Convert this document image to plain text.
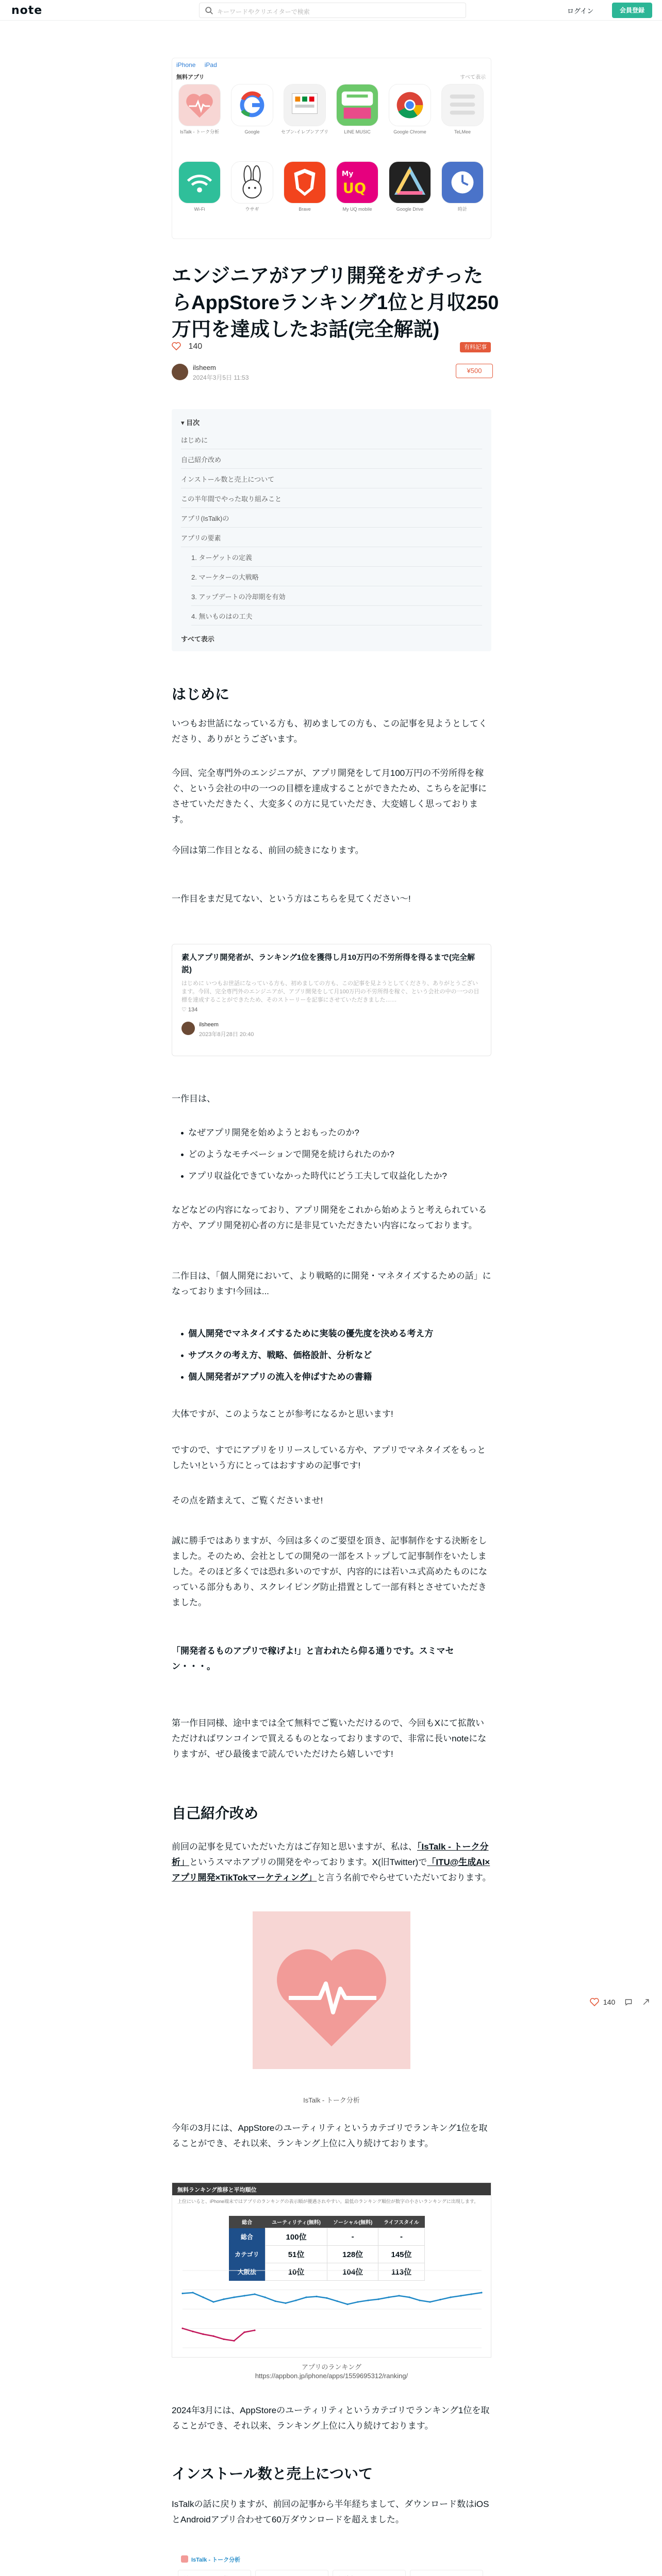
note	キーワードやクリエイターで検索	ログイン	会員登録
iPhone iPad
無料アプリ	すべて表示
IsTalk - トーク分析	Google	セブン-イレブンアプリ	LINE MUSIC	Google Chrome	TeLMee
Wi-Fi	ウサギ	Brave
My
UQ
My UQ mobile	Google Drive	時計
エンジニアがアプリ開発をガチったらAppStoreランキング1位と月収250万円を達成したお話(完全解説)
140	有料記事
ilsheem
2024年3月5日 11:53
¥500
▾ 目次
はじめに
自己紹介改め
インストール数と売上について
この半年間でやった取り組みこと
アプリ(IsTalk)の
アプリの要素
1. ターゲットの定義
2. マーケターの大戦略
3. アップデートの冷却期を有効
4. 無いものはの工夫
すべて表示
はじめに
いつもお世話になっている方も、初めましての方も、この記事を見ようとしてくださり、ありがとうございます。
今回、完全専門外のエンジニアが、アプリ開発をして月100万円の不労所得を稼ぐ、という会社の中の一つの目標を達成することができたため、こちらを記事にさせていただきたく、大変多くの方に見ていただき、大変嬉しく思っております。
今回は第二作目となる、前回の続きになります。
一作目をまだ見てない、という方はこちらを見てください〜!
素人アプリ開発者が、ランキング1位を獲得し月10万円の不労所得を得るまで(完全解説)
はじめに いつもお世話になっている方も、初めましての方も、この記事を見ようとしてくださり、ありがとうございます。今回、完全専門外のエンジニアが、アプリ開発をして月100万円の不労所得を稼ぐ、という会社の中の一つの目標を達成することができたため、そのストーリーを記事にさせていただきました……
♡ 134
ilsheem
2023年8月28日 20:40
一作目は、
なぜアプリ開発を始めようとおもったのか?
どのようなモチベーションで開発を続けられたのか?
アプリ収益化できていなかった時代にどう工夫して収益化したか?
などなどの内容になっており、アプリ開発をこれから始めようと考えられている方や、アプリ開発初心者の方に是非見ていただきたい内容になっております。
二作目は、「個人開発において、より戦略的に開発・マネタイズするための話」になっております!今回は...
個人開発でマネタイズするために実装の優先度を決める考え方
サブスクの考え方、戦略、価格設計、分析など
個人開発者がアプリの流入を伸ばすための書籍
大体ですが、このようなことが参考になるかと思います!
ですので、すでにアプリをリリースしている方や、アプリでマネタイズをもっとしたい!という方にとってはおすすめの記事です!
その点を踏まえて、ご覧くださいませ!
誠に勝手ではありますが、今回は多くのご要望を頂き、記事制作をする決断をしました。そのため、会社としての開発の一部をストップして記事制作をいたしました。そのほど多くでは恐れ多いのですが、内容的には若いユ式高めたものになっている部分もあり、スクレイピング防止措置として一部有料とさせていただきました。
「開発者るものアプリで稼げよ!」と言われたら仰る通りです。スミマセン・・・。
第一作目同様、途中までは全て無料でご覧いただけるので、今回もXにて拡散いただければワンコインで買えるものとなっておりますので、非常に長いnoteになりますが、ぜひ最後まで読んでいただけたら嬉しいです!
自己紹介改め
前回の記事を見ていただいた方はご存知と思いますが、私は、「IsTalk - トーク分析」というスマホアプリの開発をやっております。X(旧Twitter)で「ITU@生成AI×アプリ開発×TikTokマーケティング」と言う名前でやらせていただいております。
IsTalk - トーク分析
今年の3月には、AppStoreのユーティリティというカテゴリでランキング1位を取ることができ、それ以来、ランキング上位に入り続けております。
140
無料ランキング推移と平均順位
上位にいると、iPhone端末ではアプリのランキングの表示順が優遇されやすい。最低のランキング順位が数字の小さいランキングに出現します。
総合	ユーティリティ(無料)	ソーシャル(無料)	ライフスタイル
総合	100位	-	-
カテゴリ	51位	128位	145位
大阪法	10位	104位	113位
アプリのランキング
https://appbon.jp/iphone/apps/1559695312/ranking/
2024年3月には、AppStoreのユーティリティというカテゴリでランキング1位を取ることができ、それ以来、ランキング上位に入り続けております。
インストール数と売上について
IsTalkの話に戻りますが、前回の記事から半年経ちまして、ダウンロード数はiOSとAndroidアプリ合わせて60万ダウンロードを超えました。
IsTalk - トーク分析
